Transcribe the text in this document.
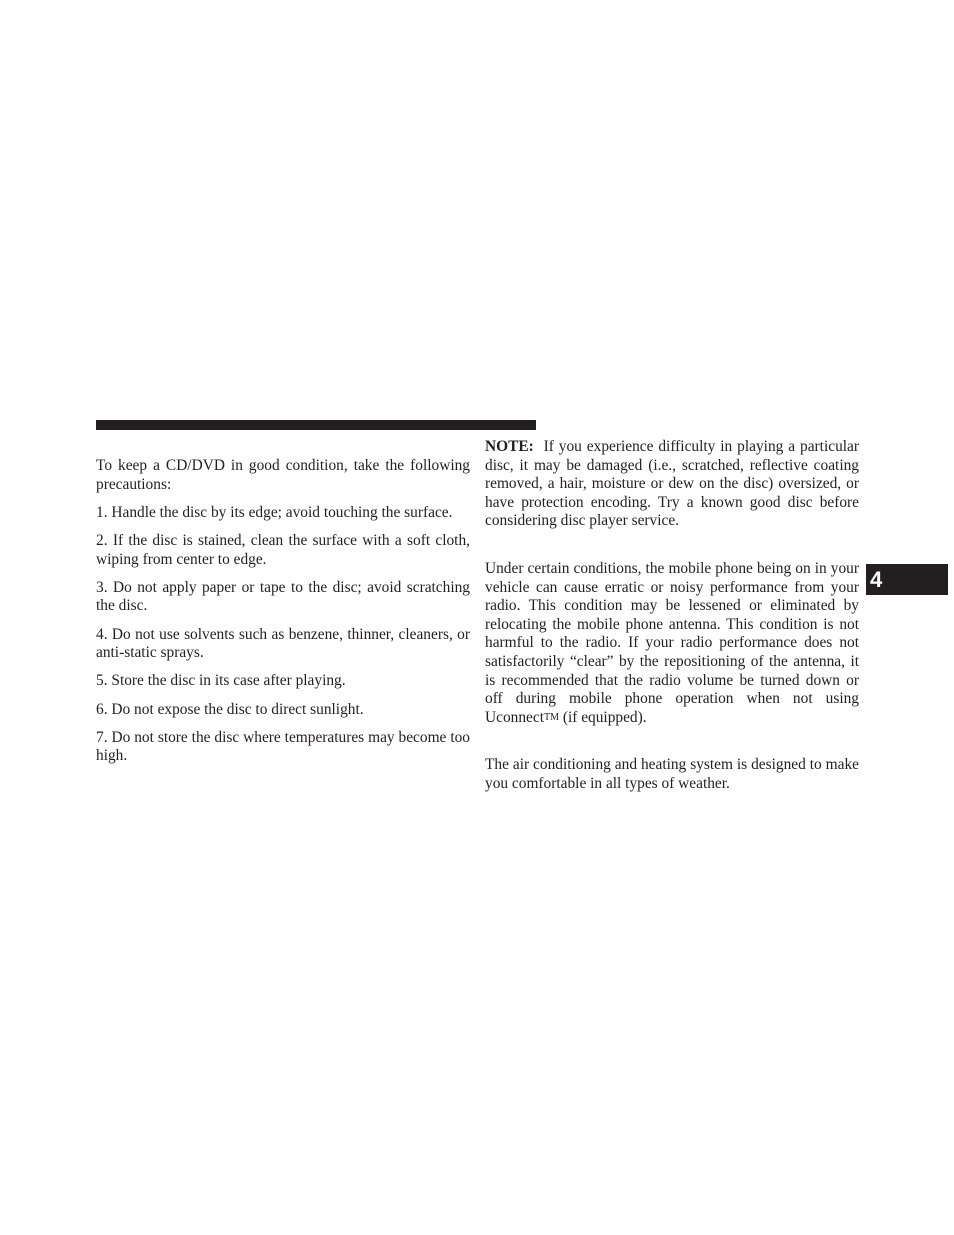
To keep a CD/DVD in good condition, take the following precautions:

1. Handle the disc by its edge; avoid touching the surface.

2. If the disc is stained, clean the surface with a soft cloth, wiping from center to edge.

3. Do not apply paper or tape to the disc; avoid scratching the disc.

4. Do not use solvents such as benzene, thinner, cleaners, or anti-static sprays.

5. Store the disc in its case after playing.

6. Do not expose the disc to direct sunlight.

7. Do not store the disc where temperatures may become too high.

NOTE: If you experience difficulty in playing a particular disc, it may be damaged (i.e., scratched, reflective coating removed, a hair, moisture or dew on the disc) oversized, or have protection encoding. Try a known good disc before considering disc player service.

Under certain conditions, the mobile phone being on in your vehicle can cause erratic or noisy performance from your radio. This condition may be lessened or eliminated by relocating the mobile phone antenna. This condition is not harmful to the radio. If your radio performance does not satisfactorily “clear” by the repositioning of the antenna, it is recommended that the radio volume be turned down or off during mobile phone operation when not using UconnectTM (if equipped).

The air conditioning and heating system is designed to make you comfortable in all types of weather.

4
